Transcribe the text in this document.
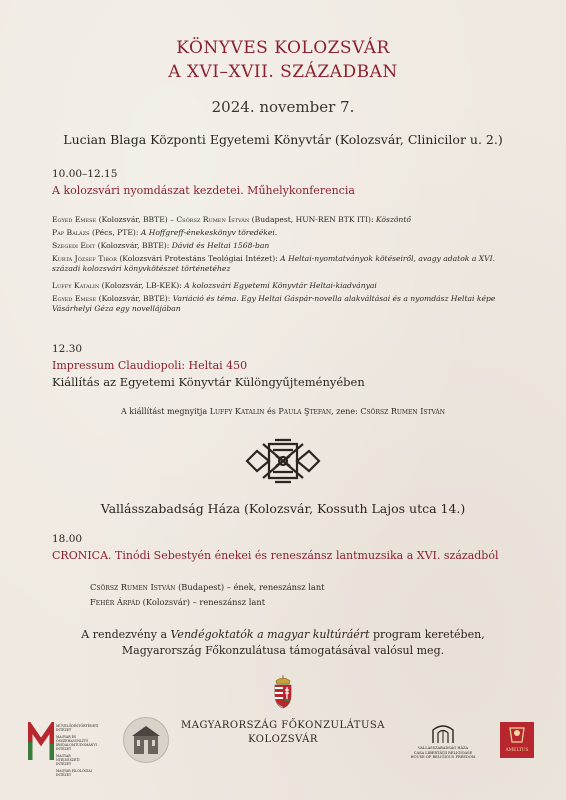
KÖNYVES KOLOZSVÁR
A XVI–XVII. SZÁZADBAN
2024. november 7.
Lucian Blaga Központi Egyetemi Könyvtár (Kolozsvár, Clinicilor u. 2.)
10.00–12.15
A kolozsvári nyomdászat kezdetei. Műhelykonferencia
Egyed Emese (Kolozsvár, BBTE) – Csörsz Rumen István (Budapest, HUN-REN BTK ITI): Köszöntő
Pap Balázs (Pécs, PTE): A Hoffgreff-énekeskönyv töredékei.
Szegedi Edit (Kolozsvár, BBTE): Dávid és Heltai 1568-ban
Kurta József Tibor (Kolozsvári Protestáns Teológiai Intézet): A Heltai-nyomtatványok kötéseiről, avagy adatok a XVI. századi kolozsvári könyvkötészet történetéhez
Luffy Katalin (Kolozsvár, LB-KEK): A kolozsvári Egyetemi Könyvtár Heltai-kiadványai
Egyed Emese (Kolozsvár, BBTE): Variáció és téma. Egy Heltai Gáspár-novella alakváltásai és a nyomdász Heltai képe Vásárhelyi Géza egy novellájában
12.30
Impressum Claudiopoli: Heltai 450
Kiállítás az Egyetemi Könyvtár Különgyűjteményében
A kiállítást megnyitja Luffy Katalin és Paula Ştefan, zene: Csörsz Rumen István
Vallásszabadság Háza (Kolozsvár, Kossuth Lajos utca 14.)
18.00
CRONICA. Tinódi Sebestyén énekei és reneszánsz lantmuzsika a XVI. századból
Csörsz Rumen István (Budapest) – ének, reneszánsz lant
Fehér Árpád (Kolozsvár) – reneszánsz lant
A rendezvény a Vendégoktatók a magyar kultúráért program keretében,
Magyarország Főkonzulátusa támogatásával valósul meg.
MAGYARORSZÁG FŐKONZULÁTUSA
KOLOZSVÁR
MŰVELŐDÉSTÖRTÉNETI INTÉZET
MAGYAR ÉS ÖSSZEHASONLÍTÓ IRODALOMTUDOMÁNYI INTÉZET
MAGYAR NYELVÉSZETI INTÉZET
MAGYAR FILOLÓGIAI INTÉZET
VALLÁSSZABADSÁG HÁZA
CASA LIBERTĂŢII RELIGIOASE
HOUSE OF RELIGIOUS FREEDOM
AMELTUS
